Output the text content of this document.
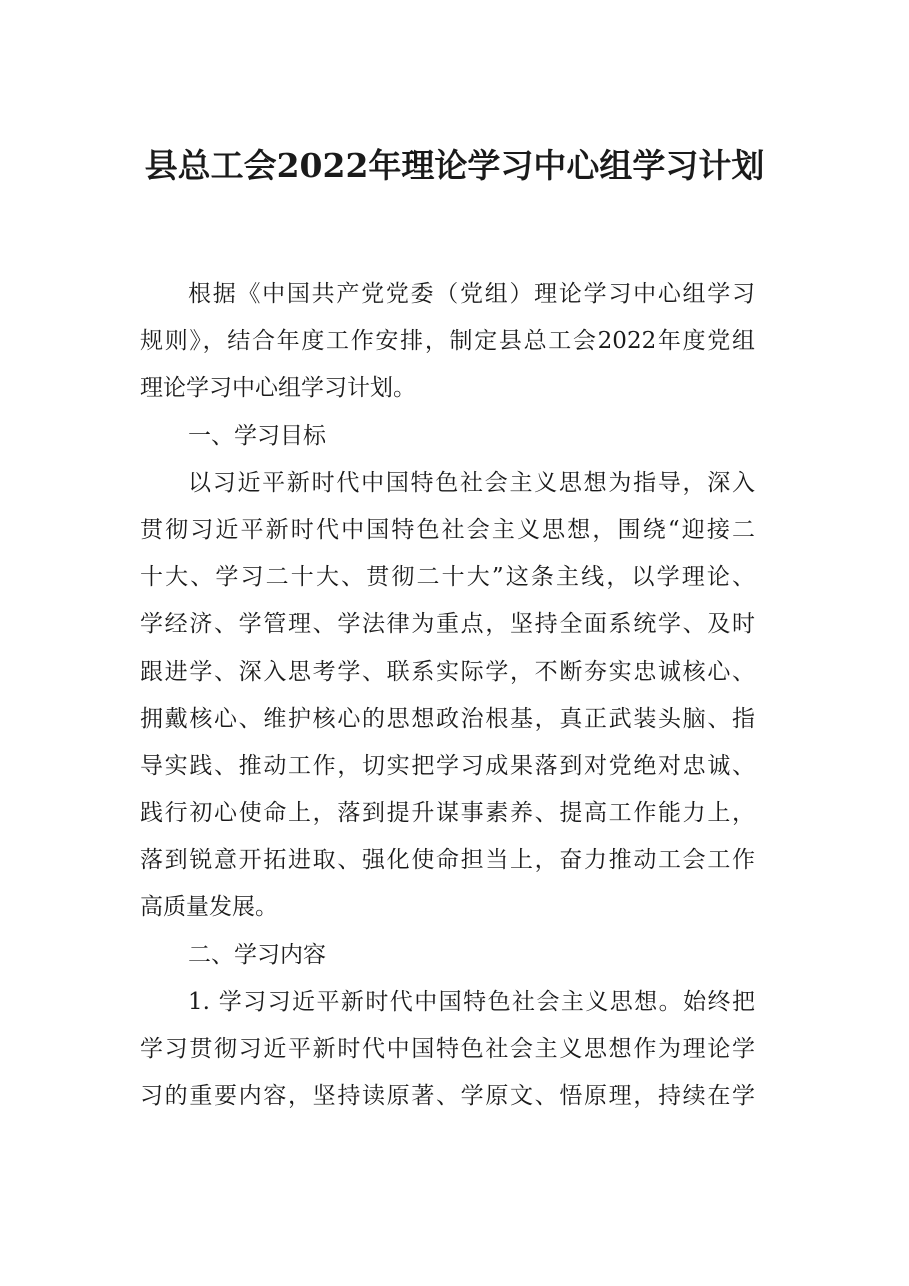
县总工会2022年理论学习中心组学习计划
根据《中国共产党党委（党组）理论学习中心组学习
规则》，结合年度工作安排，制定县总工会2022年度党组
理论学习中心组学习计划。
一、学习目标
以习近平新时代中国特色社会主义思想为指导，深入
贯彻习近平新时代中国特色社会主义思想，围绕“迎接二
十大、学习二十大、贯彻二十大”这条主线，以学理论、
学经济、学管理、学法律为重点，坚持全面系统学、及时
跟进学、深入思考学、联系实际学，不断夯实忠诚核心、
拥戴核心、维护核心的思想政治根基，真正武装头脑、指
导实践、推动工作，切实把学习成果落到对党绝对忠诚、
践行初心使命上，落到提升谋事素养、提高工作能力上，
落到锐意开拓进取、强化使命担当上，奋力推动工会工作
高质量发展。
二、学习内容
1. 学习习近平新时代中国特色社会主义思想。始终把
学习贯彻习近平新时代中国特色社会主义思想作为理论学
习的重要内容，坚持读原著、学原文、悟原理，持续在学
